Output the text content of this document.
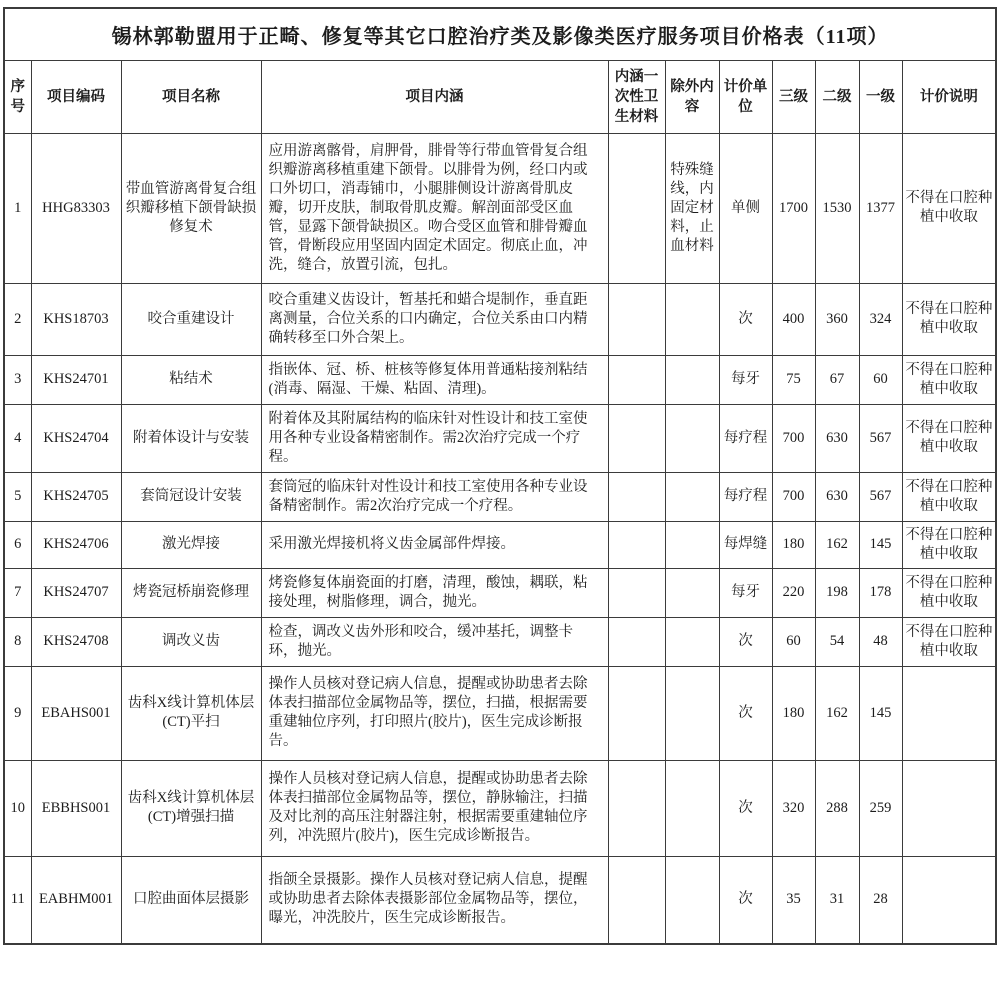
锡林郭勒盟用于正畸、修复等其它口腔治疗类及影像类医疗服务项目价格表（11项）										
序号	项目编码	项目名称	项目内涵	内涵一次性卫生材料	除外内容	计价单位	三级	二级	一级	计价说明
1	HHG83303	带血管游离骨复合组织瓣移植下颌骨缺损修复术	应用游离髂骨，肩胛骨，腓骨等行带血管骨复合组织瓣游离移植重建下颌骨。以腓骨为例，经口内或口外切口，消毒铺巾，小腿腓侧设计游离骨肌皮瓣，切开皮肤，制取骨肌皮瓣。解剖面部受区血管，显露下颌骨缺损区。吻合受区血管和腓骨瓣血管，骨断段应用坚固内固定术固定。彻底止血，冲洗，缝合，放置引流，包扎。		特殊缝线，内固定材料，止血材料	单侧	1700	1530	1377	不得在口腔种植中收取
2	KHS18703	咬合重建设计	咬合重建义齿设计，暂基托和蜡合堤制作，垂直距离测量，合位关系的口内确定，合位关系由口内精确转移至口外合架上。			次	400	360	324	不得在口腔种植中收取
3	KHS24701	粘结术	指嵌体、冠、桥、桩核等修复体用普通粘接剂粘结(消毒、隔湿、干燥、粘固、清理)。			每牙	75	67	60	不得在口腔种植中收取
4	KHS24704	附着体设计与安装	附着体及其附属结构的临床针对性设计和技工室使用各种专业设备精密制作。需2次治疗完成一个疗程。			每疗程	700	630	567	不得在口腔种植中收取
5	KHS24705	套筒冠设计安装	套筒冠的临床针对性设计和技工室使用各种专业设备精密制作。需2次治疗完成一个疗程。			每疗程	700	630	567	不得在口腔种植中收取
6	KHS24706	激光焊接	采用激光焊接机将义齿金属部件焊接。			每焊缝	180	162	145	不得在口腔种植中收取
7	KHS24707	烤瓷冠桥崩瓷修理	烤瓷修复体崩瓷面的打磨，清理，酸蚀，耦联，粘接处理，树脂修理，调合，抛光。			每牙	220	198	178	不得在口腔种植中收取
8	KHS24708	调改义齿	检查，调改义齿外形和咬合，缓冲基托，调整卡环，抛光。			次	60	54	48	不得在口腔种植中收取
9	EBAHS001	齿科X线计算机体层(CT)平扫	操作人员核对登记病人信息，提醒或协助患者去除体表扫描部位金属物品等，摆位，扫描，根据需要重建轴位序列，打印照片(胶片)，医生完成诊断报告。			次	180	162	145	
10	EBBHS001	齿科X线计算机体层(CT)增强扫描	操作人员核对登记病人信息，提醒或协助患者去除体表扫描部位金属物品等，摆位，静脉输注，扫描及对比剂的高压注射器注射，根据需要重建轴位序列，冲洗照片(胶片)，医生完成诊断报告。			次	320	288	259	
11	EABHM001	口腔曲面体层摄影	指颌全景摄影。操作人员核对登记病人信息，提醒或协助患者去除体表摄影部位金属物品等，摆位，曝光，冲洗胶片，医生完成诊断报告。			次	35	31	28	
